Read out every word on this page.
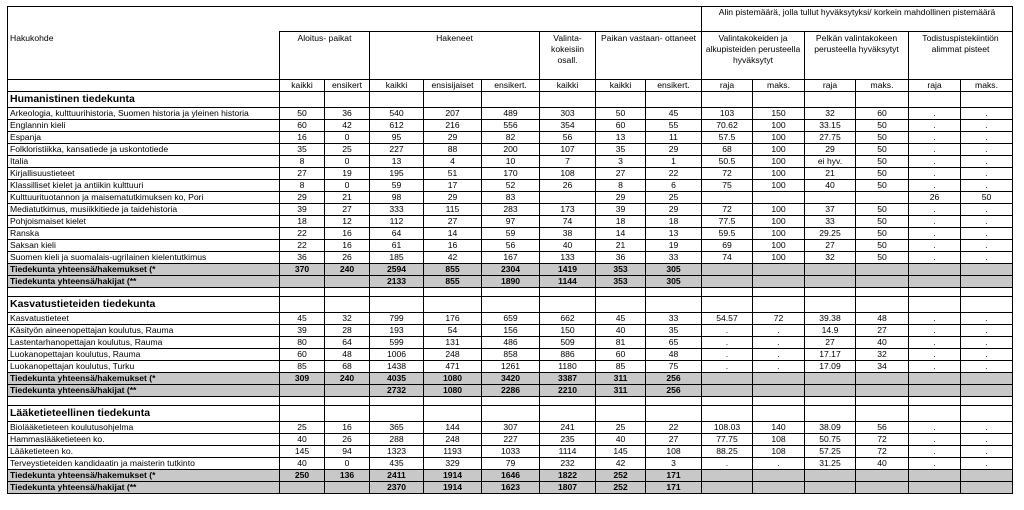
									Alin pistemäärä, jolla tullut hyväksytyksi/ korkein mahdollinen pistemäärä					
Hakukohde	Aloitus- paikat		Hakeneet			Valinta- kokeisiin osall.	Paikan vastaan- ottaneet		Valintakokeiden ja alkupisteiden perusteella hyväksytyt		Pelkän valintakokeen perusteella hyväksytyt		Todistuspistekiintiön alimmat pisteet	
	kaikki	ensikert	kaikki	ensisijaiset	ensikert.	kaikki	kaikki	ensikert.	raja	maks.	raja	maks.	raja	maks.
Humanistinen tiedekunta														
Arkeologia, kulttuurihistoria, Suomen historia ja yleinen historia	50	36	540	207	489	303	50	45	103	150	32	60	.	.
Englannin kieli	60	42	612	216	556	354	60	55	70.62	100	33.15	50	.	.
Espanja	16	0	95	29	82	56	13	11	57.5	100	27.75	50	.	.
Folkloristiikka, kansatiede ja uskontotiede	35	25	227	88	200	107	35	29	68	100	29	50	.	.
Italia	8	0	13	4	10	7	3	1	50.5	100	ei hyv.	50	.	.
Kirjallisuustieteet	27	19	195	51	170	108	27	22	72	100	21	50	.	.
Klassilliset kielet ja antiikin kulttuuri	8	0	59	17	52	26	8	6	75	100	40	50	.	.
Kulttuurituotannon ja maisematutkimuksen ko, Pori	29	21	98	29	83		29	25					26	50
Mediatutkimus, musiikkitiede ja taidehistoria	39	27	333	115	283	173	39	29	72	100	37	50	.	.
Pohjoismaiset kielet	18	12	112	27	97	74	18	18	77.5	100	33	50	.	.
Ranska	22	16	64	14	59	38	14	13	59.5	100	29.25	50	.	.
Saksan kieli	22	16	61	16	56	40	21	19	69	100	27	50	.	.
Suomen kieli ja suomalais-ugrilainen kielentutkimus	36	26	185	42	167	133	36	33	74	100	32	50	.	.
Tiedekunta yhteensä/hakemukset (*	370	240	2594	855	2304	1419	353	305						
Tiedekunta yhteensä/hakijat (**			2133	855	1890	1144	353	305						

Kasvatustieteiden tiedekunta														
Kasvatustieteet	45	32	799	176	659	662	45	33	54.57	72	39.38	48	.	.
Käsityön aineenopettajan koulutus, Rauma	39	28	193	54	156	150	40	35	.	.	14.9	27	.	.
Lastentarhanopettajan koulutus, Rauma	80	64	599	131	486	509	81	65	.	.	27	40	.	.
Luokanopettajan koulutus, Rauma	60	48	1006	248	858	886	60	48	.	.	17.17	32	.	.
Luokanopettajan koulutus, Turku	85	68	1438	471	1261	1180	85	75	.	.	17.09	34	.	.
Tiedekunta yhteensä/hakemukset (*	309	240	4035	1080	3420	3387	311	256						
Tiedekunta yhteensä/hakijat (**			2732	1080	2286	2210	311	256						

Lääketieteellinen tiedekunta														
Biolääketieteen koulutusohjelma	25	16	365	144	307	241	25	22	108.03	140	38.09	56	.	.
Hammaslääketieteen ko.	40	26	288	248	227	235	40	27	77.75	108	50.75	72	.	.
Lääketieteen ko.	145	94	1323	1193	1033	1114	145	108	88.25	108	57.25	72	.	.
Terveystieteiden kandidaatin ja maisterin tutkinto	40	0	435	329	79	232	42	3	.	.	31.25	40	.	.
Tiedekunta yhteensä/hakemukset (*	250	136	2411	1914	1646	1822	252	171						
Tiedekunta yhteensä/hakijat (**			2370	1914	1623	1807	252	171						
